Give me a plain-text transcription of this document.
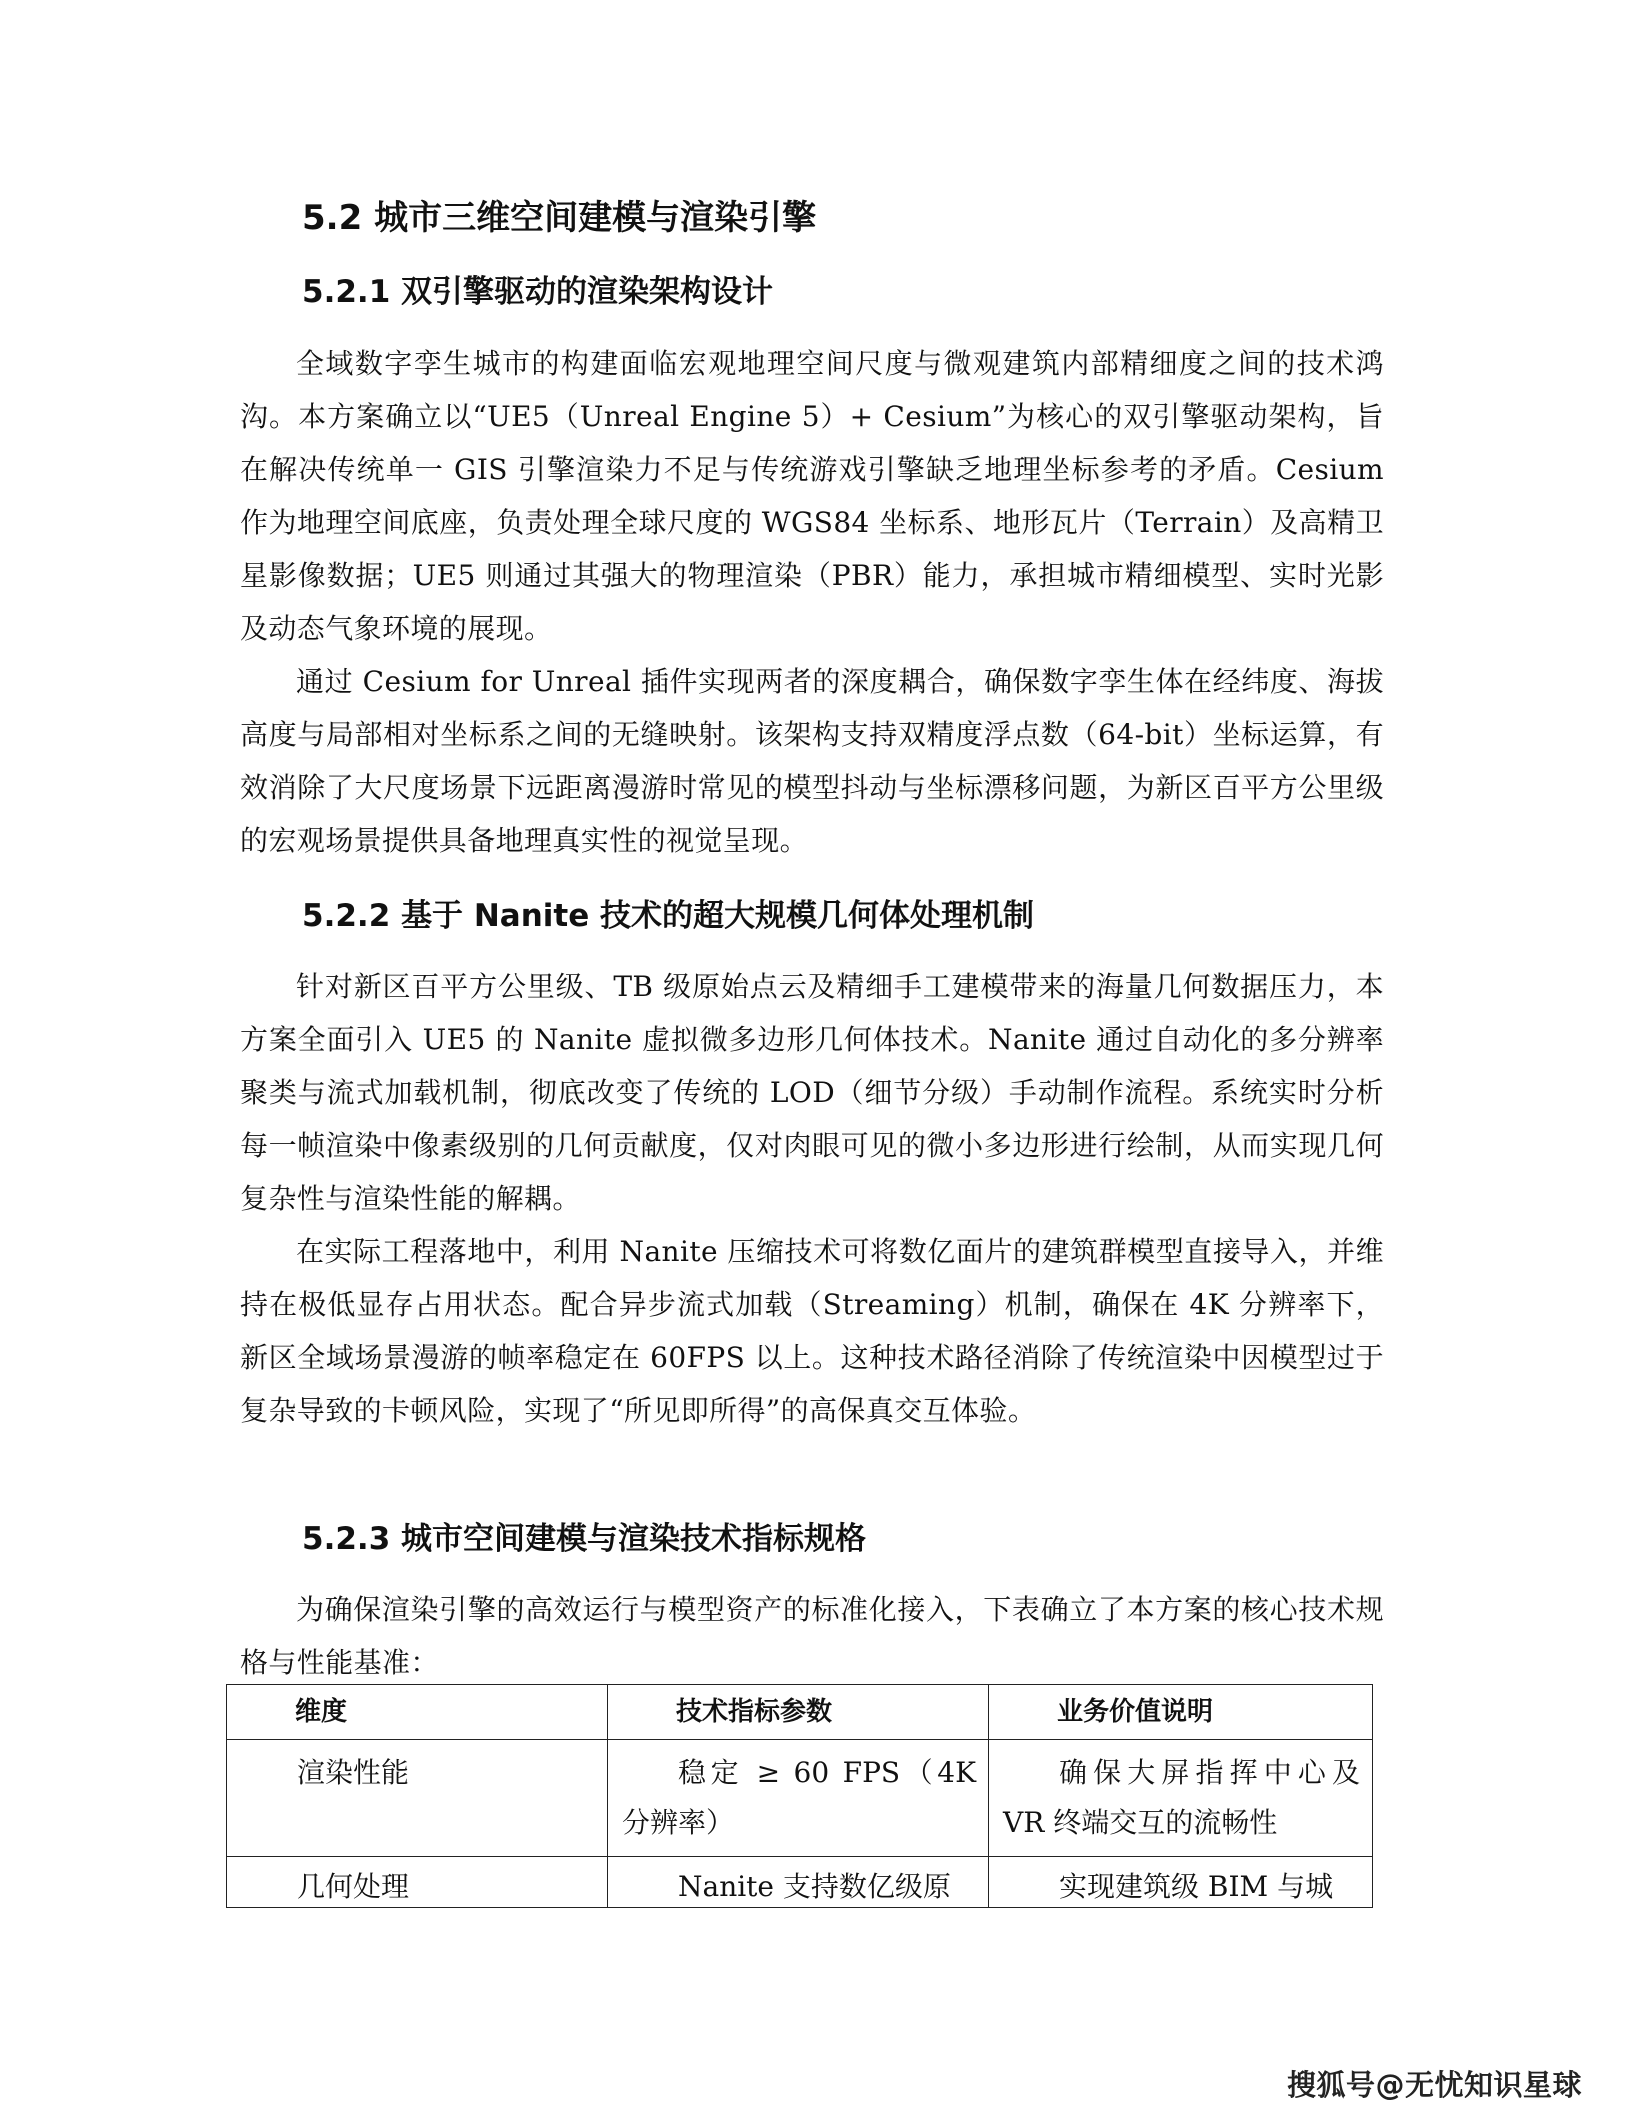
5.2 城市三维空间建模与渲染引擎
5.2.1 双引擎驱动的渲染架构设计

全域数字孪生城市的构建面临宏观地理空间尺度与微观建筑内部精细度之间的技术鸿沟。本方案确立以“UE5（Unreal Engine 5）+ Cesium”为核心的双引擎驱动架构，旨在解决传统单一 GIS 引擎渲染力不足与传统游戏引擎缺乏地理坐标参考的矛盾。Cesium 作为地理空间底座，负责处理全球尺度的 WGS84 坐标系、地形瓦片（Terrain）及高精卫星影像数据；UE5 则通过其强大的物理渲染（PBR）能力，承担城市精细模型、实时光影及动态气象环境的展现。

通过 Cesium for Unreal 插件实现两者的深度耦合，确保数字孪生体在经纬度、海拔高度与局部相对坐标系之间的无缝映射。该架构支持双精度浮点数（64-bit）坐标运算，有效消除了大尺度场景下远距离漫游时常见的模型抖动与坐标漂移问题，为新区百平方公里级的宏观场景提供具备地理真实性的视觉呈现。

5.2.2 基于 Nanite 技术的超大规模几何体处理机制

针对新区百平方公里级、TB 级原始点云及精细手工建模带来的海量几何数据压力，本方案全面引入 UE5 的 Nanite 虚拟微多边形几何体技术。Nanite 通过自动化的多分辨率聚类与流式加载机制，彻底改变了传统的 LOD（细节分级）手动制作流程。系统实时分析每一帧渲染中像素级别的几何贡献度，仅对肉眼可见的微小多边形进行绘制，从而实现几何复杂性与渲染性能的解耦。

在实际工程落地中，利用 Nanite 压缩技术可将数亿面片的建筑群模型直接导入，并维持在极低显存占用状态。配合异步流式加载（Streaming）机制，确保在 4K 分辨率下，新区全域场景漫游的帧率稳定在 60FPS 以上。这种技术路径消除了传统渲染中因模型过于复杂导致的卡顿风险，实现了“所见即所得”的高保真交互体验。

5.2.3 城市空间建模与渲染技术指标规格

为确保渲染引擎的高效运行与模型资产的标准化接入，下表确立了本方案的核心技术规格与性能基准：

维度	技术指标参数	业务价值说明
渲染性能	稳定 ≥ 60 FPS（4K 分辨率）	确保大屏指挥中心及 VR 终端交互的流畅性
几何处理	Nanite 支持数亿级原	实现建筑级 BIM 与城
搜狐号@无忧知识星球
